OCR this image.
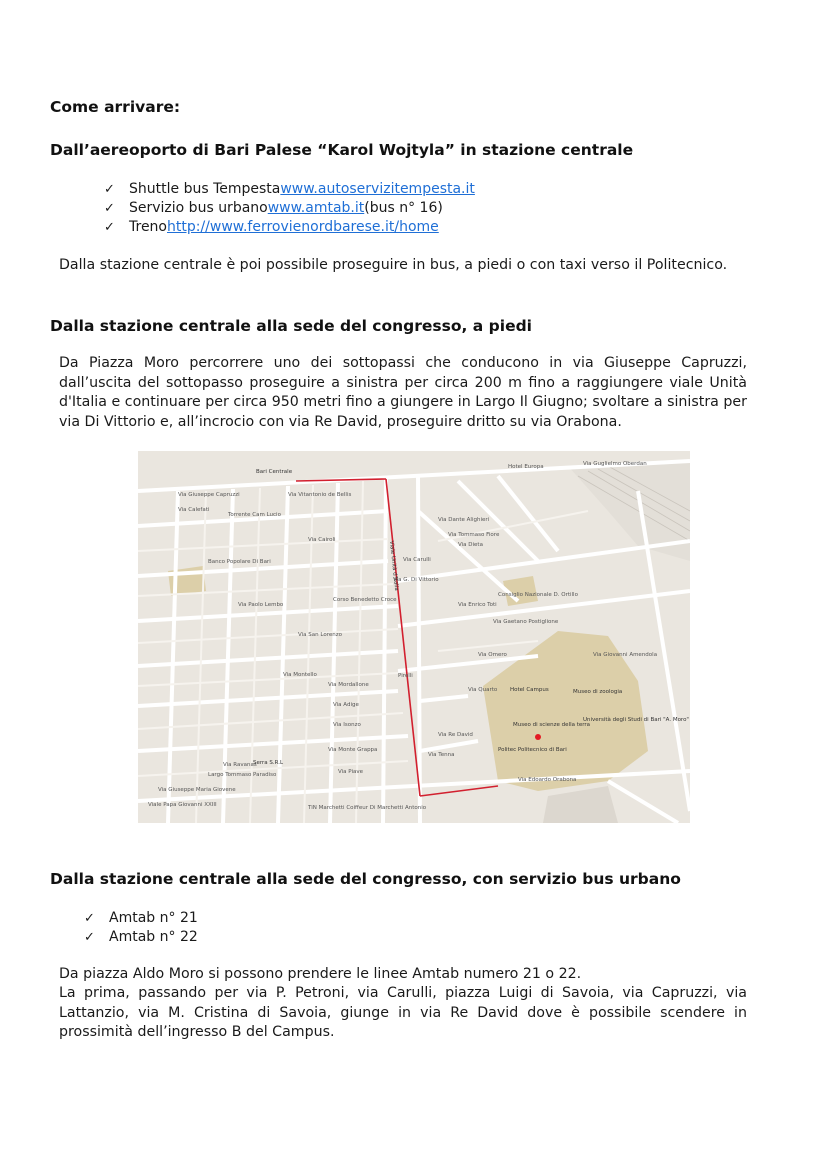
Come arrivare:
Dall’aereoporto di Bari Palese “Karol Wojtyla” in stazione centrale
✓	Shuttle bus Tempesta www.autoservizitempesta.it
✓	Servizio bus urbano www.amtab.it (bus n° 16)
✓	Treno http://www.ferrovienordbarese.it/home
Dalla stazione centrale è poi possibile proseguire in bus, a piedi o con taxi verso il Politecnico.
Dalla stazione centrale alla sede del congresso, a piedi
Da Piazza Moro percorrere uno dei sottopassi che conducono in via Giuseppe Capruzzi, dall’uscita del sottopasso proseguire a sinistra per circa 200 m fino a raggiungere viale Unità d'Italia e continuare per circa 950 metri fino a giungere in Largo Il Giugno; svoltare a sinistra per via Di Vittorio e, all’incrocio con via Re David, proseguire dritto su via Orabona.
Bari Centrale
Via Giuseppe Capruzzi
Hotel Europa	Via Guglielmo Oberdan
Via Vitantonio de Bellis
Torrente Cam Lucio
Banco Popolare Di Bari
Via Giuseppe Maria Giovene
Via Calefati
Via Paolo Lembo
Via San Lorenzo
Corso Benedetto Croce
Via Cairoli
Via Carulli
Via Enrico Toti
Consiglio Nazionale D. Ortillo
Via Gaetano Postiglione
Via Omero
Pirelli
Via Montello
Via Mordallone
Via Adige
Via Isonzo
Via Monte Grappa
Via Piave
Hotel Campus	Museo di zoologia
Museo di scienze della terra
Università degli Studi di Bari "A. Moro"
Politec Politecnico di Bari
Via Re David
Via Tenna
Largo Tommaso Paradiso
Via Ravanas
Serra S.R.L
Viale Papa Giovanni XXIII	TiN Marchetti Coiffeur Di Marchetti Antonio
Via Edoardo Orabona
Via Giovanni Amendola
Via G. Di Vittorio
Via Dante Alighieri
Via Tommaso Fiore
Via Quarto
Via Dieta
Viale Unità d'Italia
Dalla stazione centrale alla sede del congresso, con servizio bus urbano
✓	Amtab n° 21
✓	Amtab n° 22
Da piazza Aldo Moro si possono prendere le linee Amtab numero 21 o 22.
La prima, passando per via P. Petroni, via Carulli, piazza Luigi di Savoia, via Capruzzi, via Lattanzio, via M. Cristina di Savoia, giunge in via Re David dove è possibile scendere in prossimità dell’ingresso B del Campus.
